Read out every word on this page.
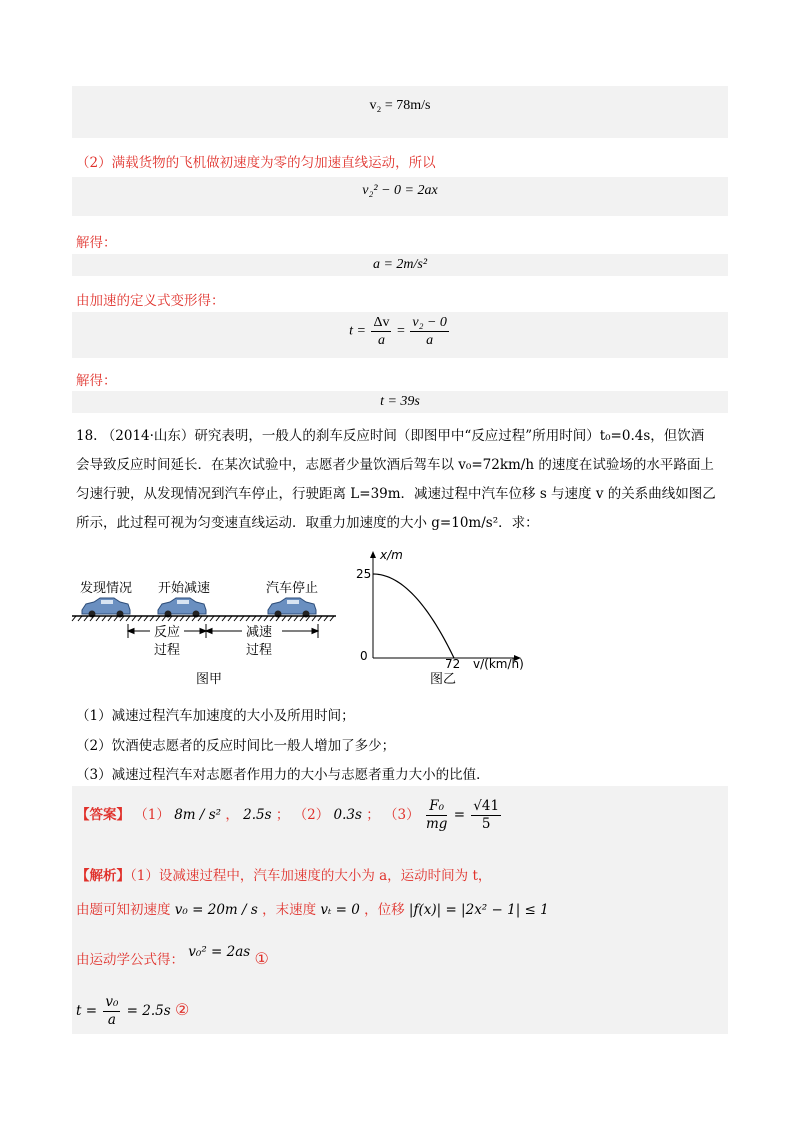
v₂ = 78m/s
（2）满载货物的飞机做初速度为零的匀加速直线运动，所以
v₂² − 0 = 2ax
解得：
a = 2m/s²
由加速的定义式变形得：
$t = \frac{\Delta v}{a} = \frac{\text{v₂ − 0}}{a}$
解得：
t = 39s
18. （2014·山东）研究表明，一般人的刹车反应时间（即图甲中“反应过程”所用时间）t₀=0.4s，但饮酒
会导致反应时间延长．在某次试验中，志愿者少量饮酒后驾车以 v₀=72km/h 的速度在试验场的水平路面上
匀速行驶，从发现情况到汽车停止，行驶距离 L=39m．减速过程中汽车位移 s 与速度 v 的关系曲线如图乙
所示，此过程可视为匀变速直线运动．取重力加速度的大小 g=10m/s²．求：
发现情况 开始减速	汽车停止
反应
过程
减速
过程
图甲
x/m
v/(km/h)
25
0
72
图乙
（1）减速过程汽车加速度的大小及所用时间；
（2）饮酒使志愿者的反应时间比一般人增加了多少；
（3）减速过程汽车对志愿者作用力的大小与志愿者重力大小的比值．
【答案】 （1） 8m / s² ， 2.5s ； （2） 0.3s ； $(3) \frac{\text{F₀}}{mg} = \frac{√41}{5}$
【解析】（1）设减速过程中，汽车加速度的大小为 a，运动时间为 t，
由题可知初速度 v₀ = 20m / s ，末速度 vₜ = 0 ，位移 |f(x)| = |2x² − 1| ≤ 1
由运动学公式得： v₀² = 2as ①
$t = \frac{\text{v₀}}{a} = 2.5s$ ②
